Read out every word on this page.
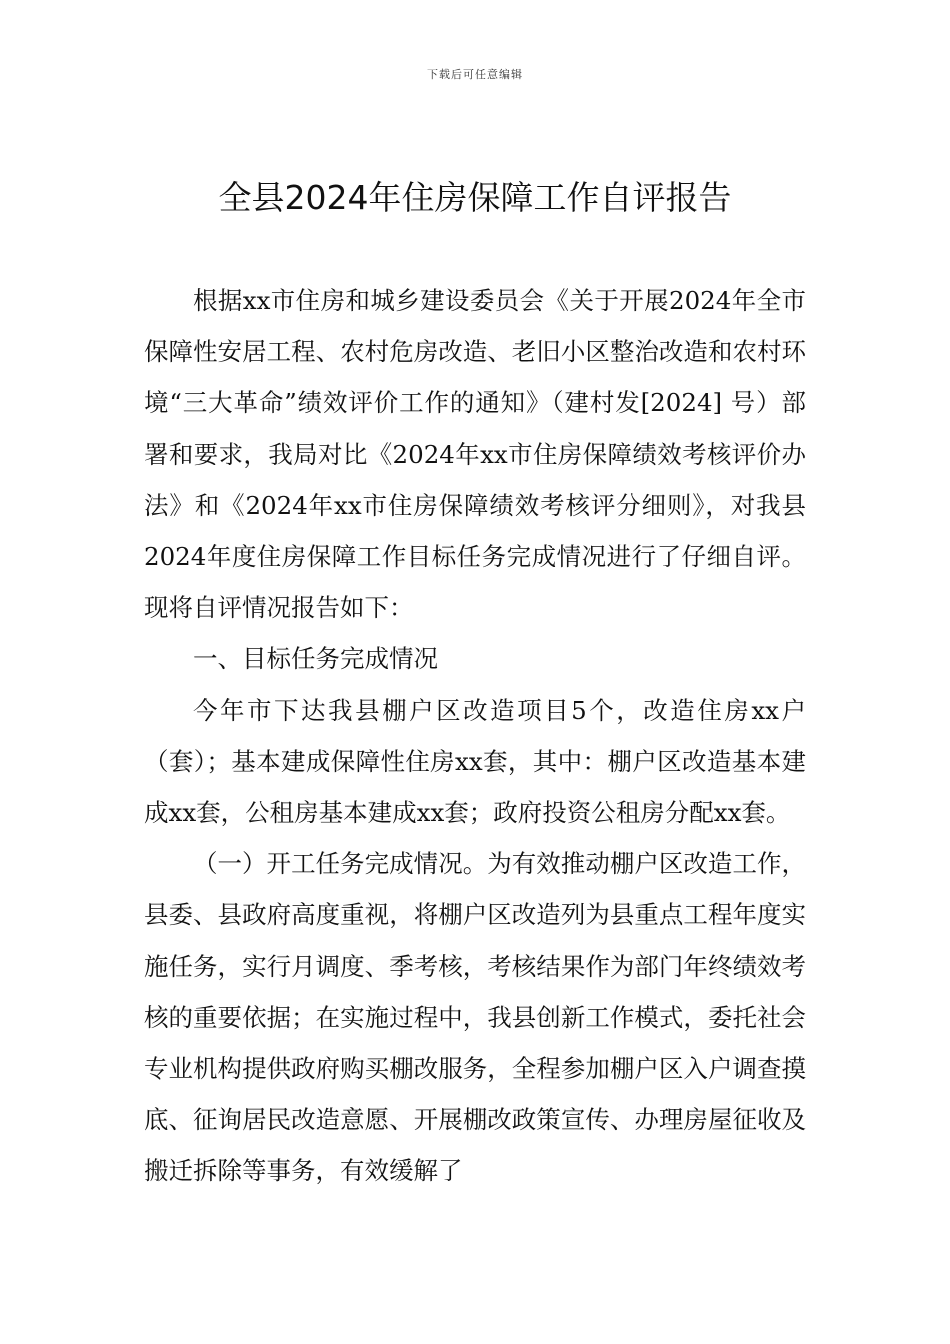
下载后可任意编辑
全县2024年住房保障工作自评报告

根据xx市住房和城乡建设委员会《关于开展2024年全市保障性安居工程、农村危房改造、老旧小区整治改造和农村环境“三大革命”绩效评价工作的通知》（建村发[2024] 号）部署和要求，我局对比《2024年xx市住房保障绩效考核评价办法》和《2024年xx市住房保障绩效考核评分细则》，对我县2024年度住房保障工作目标任务完成情况进行了仔细自评。现将自评情况报告如下：

一、目标任务完成情况

今年市下达我县棚户区改造项目5个，改造住房xx户（套）；基本建成保障性住房xx套，其中：棚户区改造基本建成xx套，公租房基本建成xx套；政府投资公租房分配xx套。

（一）开工任务完成情况。为有效推动棚户区改造工作，县委、县政府高度重视，将棚户区改造列为县重点工程年度实施任务，实行月调度、季考核，考核结果作为部门年终绩效考核的重要依据；在实施过程中，我县创新工作模式，委托社会专业机构提供政府购买棚改服务，全程参加棚户区入户调查摸底、征询居民改造意愿、开展棚改政策宣传、办理房屋征收及搬迁拆除等事务，有效缓解了
